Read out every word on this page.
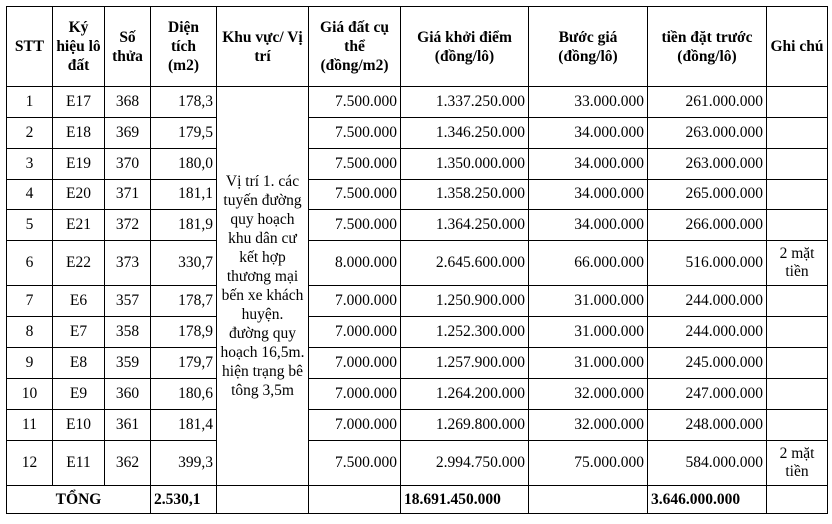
STT	Ký hiệu lô đất	Số thửa	Diện tích (m2)	Khu vực/ Vị trí	Giá đất cụ thể (đồng/m2)	Giá khởi điểm (đồng/lô)	Bước giá (đồng/lô)	tiền đặt trước (đồng/lô)	Ghi chú
1	E17	368	178,3	Vị trí 1. các tuyến đường quy hoạch khu dân cư kết hợp thương mại bến xe khách huyện. đường quy hoạch 16,5m. hiện trạng bê tông 3,5m	7.500.000	1.337.250.000	33.000.000	261.000.000	
2	E18	369	179,5		7.500.000	1.346.250.000	34.000.000	263.000.000	
3	E19	370	180,0		7.500.000	1.350.000.000	34.000.000	263.000.000	
4	E20	371	181,1		7.500.000	1.358.250.000	34.000.000	265.000.000	
5	E21	372	181,9		7.500.000	1.364.250.000	34.000.000	266.000.000	
6	E22	373	330,7		8.000.000	2.645.600.000	66.000.000	516.000.000	2 mặt tiền
7	E6	357	178,7		7.000.000	1.250.900.000	31.000.000	244.000.000	
8	E7	358	178,9		7.000.000	1.252.300.000	31.000.000	244.000.000	
9	E8	359	179,7		7.000.000	1.257.900.000	31.000.000	245.000.000	
10	E9	360	180,6		7.000.000	1.264.200.000	32.000.000	247.000.000	
11	E10	361	181,4		7.000.000	1.269.800.000	32.000.000	248.000.000	
12	E11	362	399,3		7.500.000	2.994.750.000	75.000.000	584.000.000	2 mặt tiền
TỔNG			2.530,1			18.691.450.000		3.646.000.000	
